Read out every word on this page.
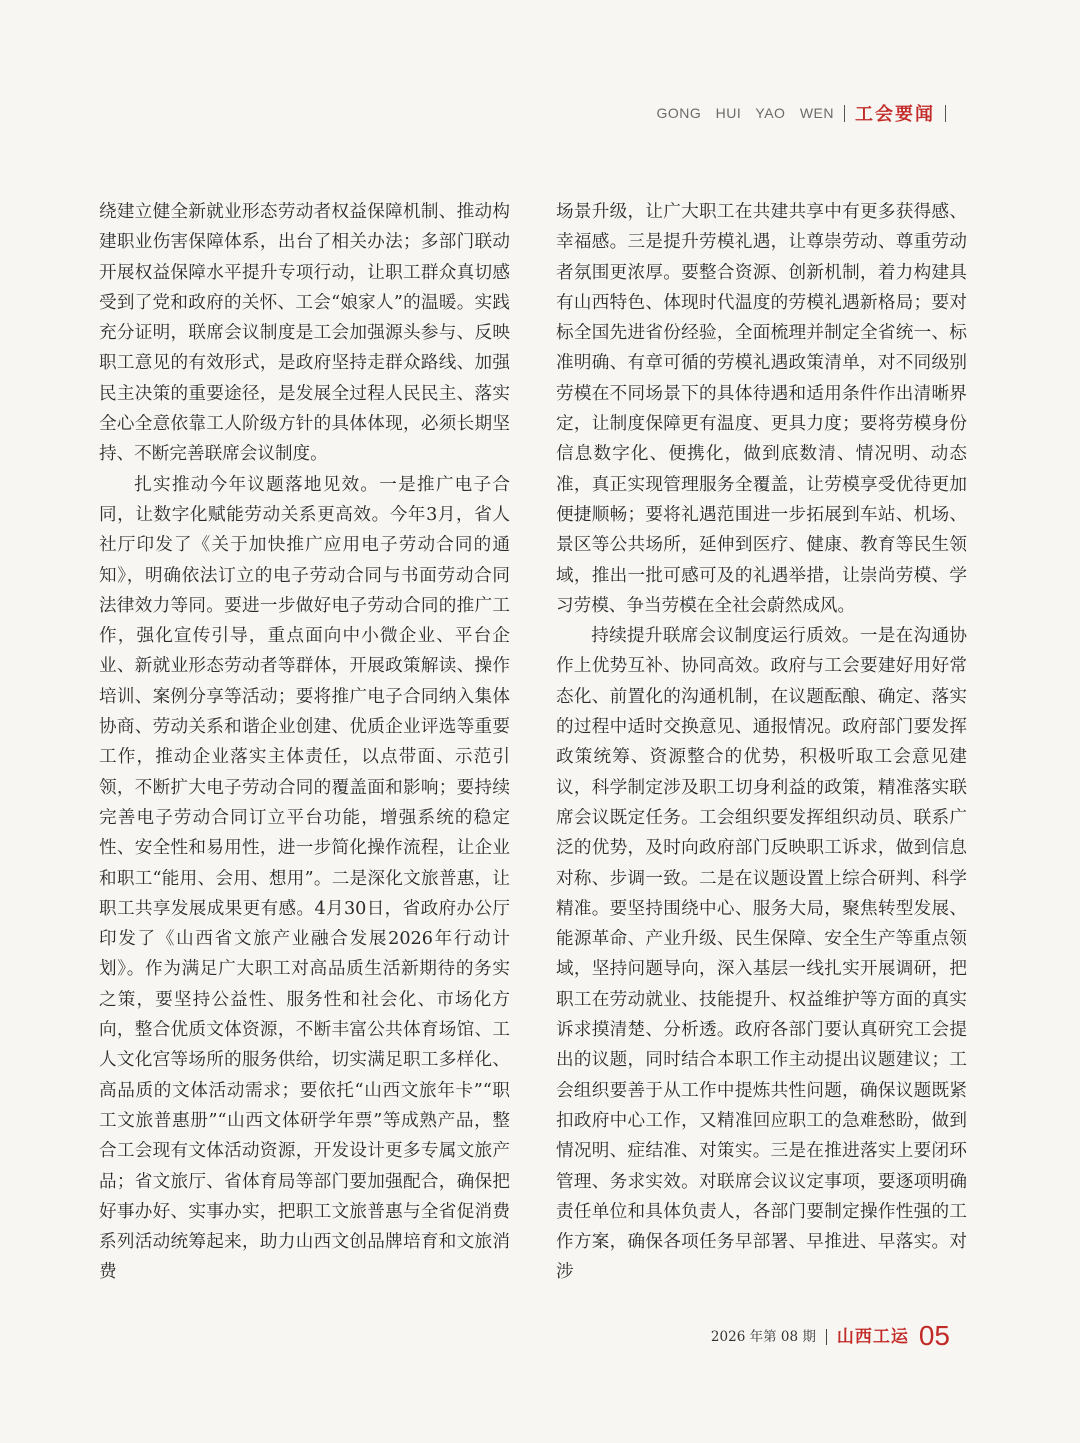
GONG HUI YAO WEN 工会要闻

绕建立健全新就业形态劳动者权益保障机制、推动构建职业伤害保障体系，出台了相关办法；多部门联动开展权益保障水平提升专项行动，让职工群众真切感受到了党和政府的关怀、工会“娘家人”的温暖。实践充分证明，联席会议制度是工会加强源头参与、反映职工意见的有效形式，是政府坚持走群众路线、加强民主决策的重要途径，是发展全过程人民民主、落实全心全意依靠工人阶级方针的具体体现，必须长期坚持、不断完善联席会议制度。

扎实推动今年议题落地见效。一是推广电子合同，让数字化赋能劳动关系更高效。今年3月，省人社厅印发了《关于加快推广应用电子劳动合同的通知》，明确依法订立的电子劳动合同与书面劳动合同法律效力等同。要进一步做好电子劳动合同的推广工作，强化宣传引导，重点面向中小微企业、平台企业、新就业形态劳动者等群体，开展政策解读、操作培训、案例分享等活动；要将推广电子合同纳入集体协商、劳动关系和谐企业创建、优质企业评选等重要工作，推动企业落实主体责任，以点带面、示范引领，不断扩大电子劳动合同的覆盖面和影响；要持续完善电子劳动合同订立平台功能，增强系统的稳定性、安全性和易用性，进一步简化操作流程，让企业和职工“能用、会用、想用”。二是深化文旅普惠，让职工共享发展成果更有感。4月30日，省政府办公厅印发了《山西省文旅产业融合发展2026年行动计划》。作为满足广大职工对高品质生活新期待的务实之策，要坚持公益性、服务性和社会化、市场化方向，整合优质文体资源，不断丰富公共体育场馆、工人文化宫等场所的服务供给，切实满足职工多样化、高品质的文体活动需求；要依托“山西文旅年卡”“职工文旅普惠册”“山西文体研学年票”等成熟产品，整合工会现有文体活动资源，开发设计更多专属文旅产品；省文旅厅、省体育局等部门要加强配合，确保把好事办好、实事办实，把职工文旅普惠与全省促消费系列活动统筹起来，助力山西文创品牌培育和文旅消费

场景升级，让广大职工在共建共享中有更多获得感、幸福感。三是提升劳模礼遇，让尊崇劳动、尊重劳动者氛围更浓厚。要整合资源、创新机制，着力构建具有山西特色、体现时代温度的劳模礼遇新格局；要对标全国先进省份经验，全面梳理并制定全省统一、标准明确、有章可循的劳模礼遇政策清单，对不同级别劳模在不同场景下的具体待遇和适用条件作出清晰界定，让制度保障更有温度、更具力度；要将劳模身份信息数字化、便携化，做到底数清、情况明、动态准，真正实现管理服务全覆盖，让劳模享受优待更加便捷顺畅；要将礼遇范围进一步拓展到车站、机场、景区等公共场所，延伸到医疗、健康、教育等民生领域，推出一批可感可及的礼遇举措，让崇尚劳模、学习劳模、争当劳模在全社会蔚然成风。

持续提升联席会议制度运行质效。一是在沟通协作上优势互补、协同高效。政府与工会要建好用好常态化、前置化的沟通机制，在议题酝酿、确定、落实的过程中适时交换意见、通报情况。政府部门要发挥政策统筹、资源整合的优势，积极听取工会意见建议，科学制定涉及职工切身利益的政策，精准落实联席会议既定任务。工会组织要发挥组织动员、联系广泛的优势，及时向政府部门反映职工诉求，做到信息对称、步调一致。二是在议题设置上综合研判、科学精准。要坚持围绕中心、服务大局，聚焦转型发展、能源革命、产业升级、民生保障、安全生产等重点领域，坚持问题导向，深入基层一线扎实开展调研，把职工在劳动就业、技能提升、权益维护等方面的真实诉求摸清楚、分析透。政府各部门要认真研究工会提出的议题，同时结合本职工作主动提出议题建议；工会组织要善于从工作中提炼共性问题，确保议题既紧扣政府中心工作，又精准回应职工的急难愁盼，做到情况明、症结准、对策实。三是在推进落实上要闭环管理、务求实效。对联席会议议定事项，要逐项明确责任单位和具体负责人，各部门要制定操作性强的工作方案，确保各项任务早部署、早推进、早落实。对涉

2026 年第 08 期 山西工运 05
